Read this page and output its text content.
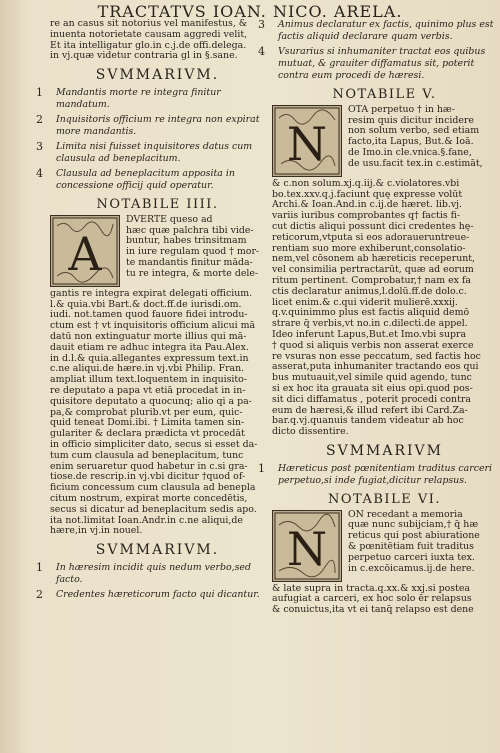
TRACTATVS IOAN. NICO. ARELA.
re an casus sit notorius vel manifestus, &
inuenta notorietate causam aggredi velit,
Et ita intelligatur glo.in c.j.de offi.delega.
in vj.quæ videtur contraria gl in §.sane.
SVMMARIVM.
1 Mandantis morte re integra finitur mandatum.
2 Inquisitoris officium re integra non expirat more mandantis.
3 Limita nisi fuisset inquisitores datus cum clausula ad beneplacitum.
4 Clausula ad beneplacitum apposita in concessione officij quid operatur.
NOTABILE IIII.
A
DVERTE queso ad
hæc quæ palchra tibi vide-
buntur, habes trinsitmam
in iure regulam quod † mor-
te mandantis finitur māda-
tu re integra, & morte dele-
gantis re integra expirat delegati officium.
l.& quia.vbi Bart.& doct.ff.de iurisdi.om.
iudi. not.tamen quod fauore fidei introdu-
ctum est † vt inquisitoris officium alicui mā
datū non extinguatur morte illius qui mā-
dauit etiam re adhuc integra ita Pau.Alex.
in d.l.& quia.allegantes expressum text.in
c.ne aliqui.de hære.in vj.vbi Philip. Fran.
ampliat illum text.loquentem in inquisito-
re deputato a papa vt etiā procedat in in-
quisitore deputato a quocunq; alio qi a pa-
pa,& comprobat plurib.vt per eum, quic-
quid teneat Domi.ibi. † Limita tamen sin-
gulariter & declara prædicta vt procedāt
in officio simpliciter dato, secus si esset da-
tum cum clausula ad beneplacitum, tunc
enim seruaretur quod habetur in c.si gra-
tiose.de rescrip.in vj.vbi dicitur †quod of-
ficium concessum cum clausula ad benepla
citum nostrum, expirat morte concedētis,
secus si dicatur ad beneplacitum sedis apo.
ita not.limitat Ioan.Andr.in c.ne aliqui,de
hære,in vj.in nouel.
SVMMARIVM.
1 In hæresim incidit quis nedum verbo,sed facto.
2 Credentes hæreticorum facto qui dicantur.
3 Animus declaratur ex factis, quinimo plus est factis aliquid declarare quam verbis.
4 Vsurarius si inhumaniter tractat eos quibus mutuat, & grauiter diffamatus sit, poterit contra eum procedi de hæresi.
NOTABILE V.
N
OTA perpetuo † in hæ-
resim quis dicitur incidere
non solum verbo, sed etiam
facto,ita Lapus, But.& Ioā.
de Imo.in cle.vnica.§.fane,
de usu.facit tex.in c.estimāt,
& c.non solum.xj.q.iij.& c.violatores.vbi
bo.tex.xxv.q.j.faciunt quę expresse volūt
Archi.& Ioan.And.in c.ij.de hæret. lib.vj.
variis iuribus comprobantes q† factis fi-
cut dictis aliqui possunt dici credentes hę-
reticorum,vtputa si eos adoraueruntreue-
rentiam suo more exhiberunt,consolatio-
nem,vel cōsonem ab hæreticis receperunt,
vel consimilia pertractarūt, quæ ad eorum
ritum pertinent. Comprobatur,† nam ex fa
ctis declaratur animus,l.dolū.ff.de dolo.c.
licet enim.& c.qui viderit mulierē.xxxij.
q.v.quinimmo plus est factis aliquid demō
strare q̄ verbis,vt no.in c.dilecti.de appel.
Ideo inferunt Lapus,But.et Imo.vbi supra
† quod si aliquis verbis non asserat exerce
re vsuras non esse peccatum, sed factis hoc
asserat,puta inhumaniter tractando eos qui
bus mutuauit,vel simile quid agendo, tunc
si ex hoc ita grauata sit eius opi.quod pos-
sit dici diffamatus , poterit procedi contra
eum de hæresi,& illud refert ibi Card.Za-
bar.q.vj.quanuis tandem videatur ab hoc
dicto dissentire.
SVMMARIVM
1 Hæreticus post pœnitentiam traditus carceri perpetuo,si inde fugiat,dicitur relapsus.
NOTABILE VI.
N
ON recedant a memoria
quæ nunc subijciam,† q̄ hæ
reticus qui post abiuratione
& pœnitētiam fuit traditus
perpetuo carceri iuxta tex.
in c.excōicamus.ij.de here.
& late supra in tracta.q.xx.& xxj.si postea
aufugiat a carceri, ex hoc solo ēr relapsus
& conuictus,ita vt ei tanq̄ relapso est dene
